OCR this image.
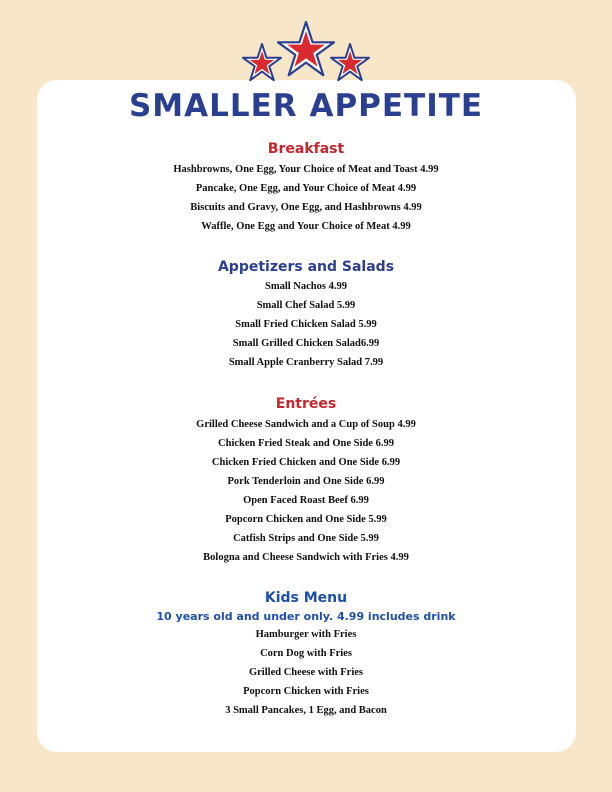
SMALLER APPETITE
Breakfast
Hashbrowns, One Egg, Your Choice of Meat and Toast 4.99
Pancake, One Egg, and Your Choice of Meat 4.99
Biscuits and Gravy, One Egg, and Hashbrowns 4.99
Waffle, One Egg and Your Choice of Meat 4.99
Appetizers and Salads
Small Nachos 4.99
Small Chef Salad 5.99
Small Fried Chicken Salad 5.99
Small Grilled Chicken Salad6.99
Small Apple Cranberry Salad 7.99
Entrées
Grilled Cheese Sandwich and a Cup of Soup 4.99
Chicken Fried Steak and One Side 6.99
Chicken Fried Chicken and One Side 6.99
Pork Tenderloin and One Side 6.99
Open Faced Roast Beef 6.99
Popcorn Chicken and One Side 5.99
Catfish Strips and One Side 5.99
Bologna and Cheese Sandwich with Fries 4.99
Kids Menu

10 years old and under only. 4.99 includes drink

Hamburger with Fries
Corn Dog with Fries
Grilled Cheese with Fries
Popcorn Chicken with Fries
3 Small Pancakes, 1 Egg, and Bacon
